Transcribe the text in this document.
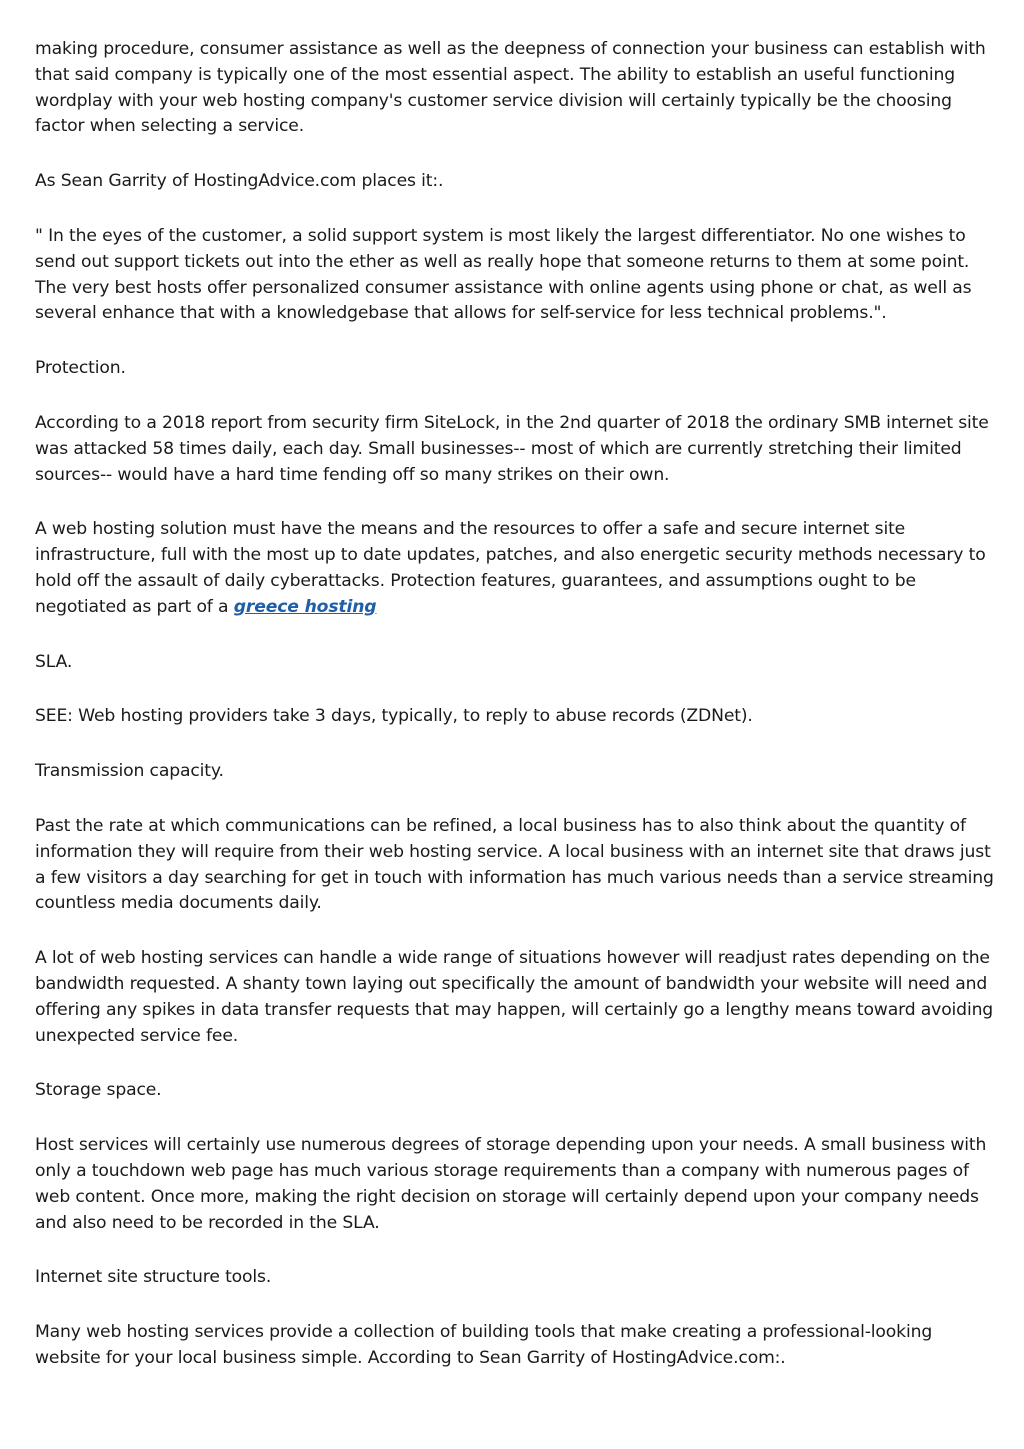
making procedure, consumer assistance as well as the deepness of connection your business can establish with that said company is typically one of the most essential aspect. The ability to establish an useful functioning wordplay with your web hosting company's customer service division will certainly typically be the choosing factor when selecting a service.

As Sean Garrity of HostingAdvice.com places it:.

" In the eyes of the customer, a solid support system is most likely the largest differentiator. No one wishes to send out support tickets out into the ether as well as really hope that someone returns to them at some point. The very best hosts offer personalized consumer assistance with online agents using phone or chat, as well as several enhance that with a knowledgebase that allows for self-service for less technical problems.".

Protection.

According to a 2018 report from security firm SiteLock, in the 2nd quarter of 2018 the ordinary SMB internet site was attacked 58 times daily, each day. Small businesses-- most of which are currently stretching their limited sources-- would have a hard time fending off so many strikes on their own.

A web hosting solution must have the means and the resources to offer a safe and secure internet site infrastructure, full with the most up to date updates, patches, and also energetic security methods necessary to hold off the assault of daily cyberattacks. Protection features, guarantees, and assumptions ought to be negotiated as part of a greece hosting

SLA.

SEE: Web hosting providers take 3 days, typically, to reply to abuse records (ZDNet).

Transmission capacity.

Past the rate at which communications can be refined, a local business has to also think about the quantity of information they will require from their web hosting service. A local business with an internet site that draws just a few visitors a day searching for get in touch with information has much various needs than a service streaming countless media documents daily.

A lot of web hosting services can handle a wide range of situations however will readjust rates depending on the bandwidth requested. A shanty town laying out specifically the amount of bandwidth your website will need and offering any spikes in data transfer requests that may happen, will certainly go a lengthy means toward avoiding unexpected service fee.

Storage space.

Host services will certainly use numerous degrees of storage depending upon your needs. A small business with only a touchdown web page has much various storage requirements than a company with numerous pages of web content. Once more, making the right decision on storage will certainly depend upon your company needs and also need to be recorded in the SLA.

Internet site structure tools.

Many web hosting services provide a collection of building tools that make creating a professional-looking website for your local business simple. According to Sean Garrity of HostingAdvice.com:.
